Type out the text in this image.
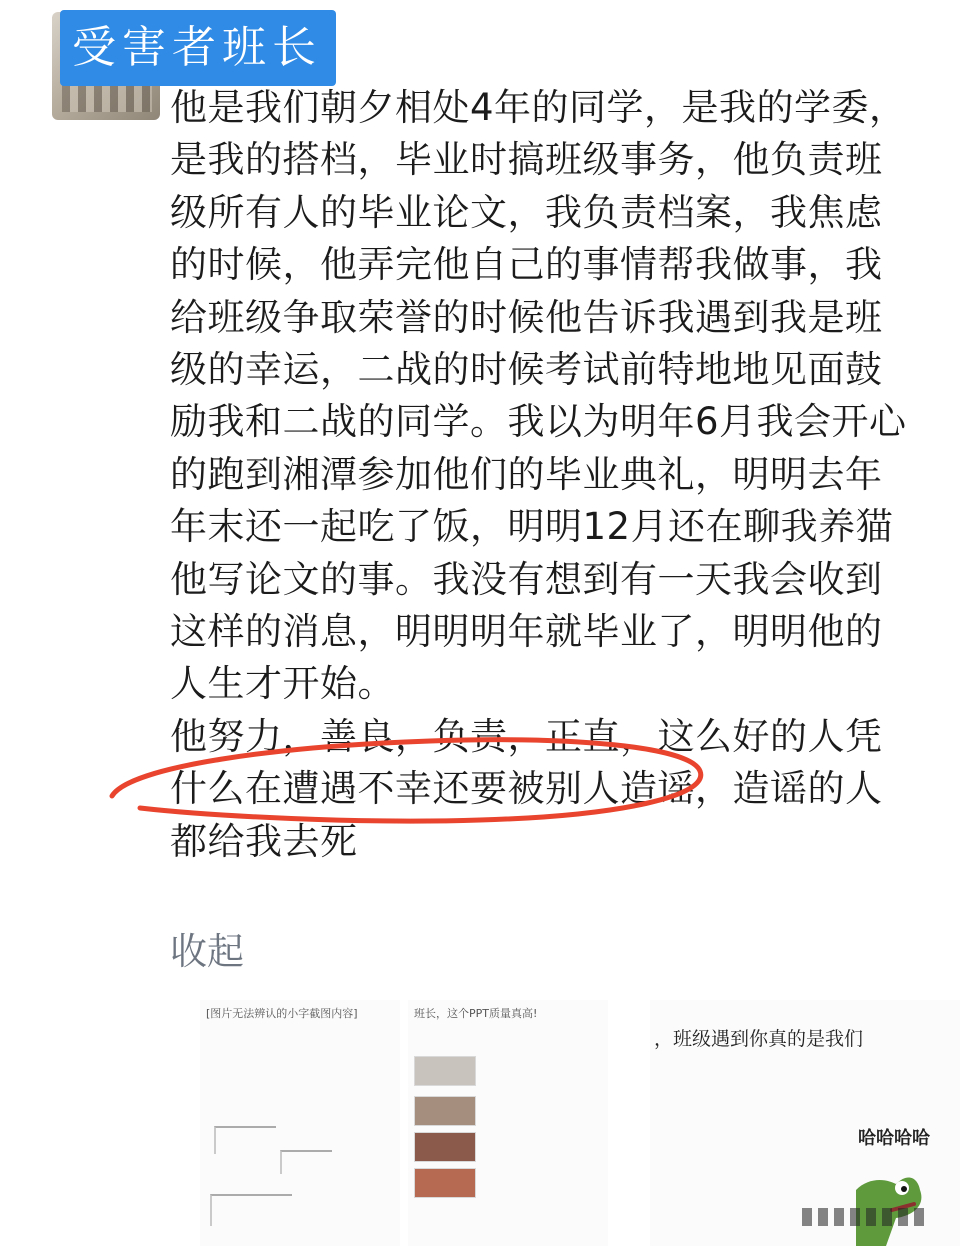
受害者班长

他是我们朝夕相处4年的同学，是我的学委，是我的搭档，毕业时搞班级事务，他负责班级所有人的毕业论文，我负责档案，我焦虑的时候，他弄完他自己的事情帮我做事，我给班级争取荣誉的时候他告诉我遇到我是班级的幸运，二战的时候考试前特地地见面鼓励我和二战的同学。我以为明年6月我会开心的跑到湘潭参加他们的毕业典礼，明明去年年末还一起吃了饭，明明12月还在聊我养猫他写论文的事。我没有想到有一天我会收到这样的消息，明明明年就毕业了，明明他的人生才开始。

他努力，善良，负责，正直，这么好的人凭什么在遭遇不幸还要被别人造谣，造谣的人都给我去死

收起
[图片无法辨认的小字截图内容]	班长，这个PPT质量真高!
，班级遇到你真的是我们
哈哈哈哈
